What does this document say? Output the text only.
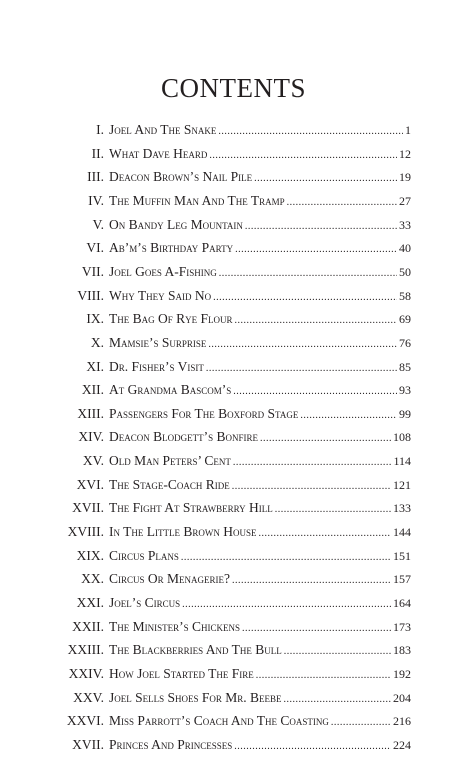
CONTENTS
I. Joel And The Snake .....	1
II. What Dave Heard .....	12
III. Deacon Brown’s Nail Pile .....	19
IV. The Muffin Man And The Tramp .....	27
V. On Bandy Leg Mountain .....	33
VI. Ab’m’s Birthday Party .....	40
VII. Joel Goes A-Fishing .....	50
VIII. Why They Said No .....	58
IX. The Bag Of Rye Flour .....	69
X. Mamsie’s Surprise .....	76
XI. Dr. Fisher’s Visit .....	85
XII. At Grandma Bascom’s .....	93
XIII. Passengers For The Boxford Stage .....	99
XIV. Deacon Blodgett’s Bonfire .....	108
XV. Old Man Peters’ Cent .....	114
XVI. The Stage-Coach Ride .....	121
XVII. The Fight At Strawberry Hill .....	133
XVIII. In The Little Brown House .....	144
XIX. Circus Plans .....	151
XX. Circus Or Menagerie? .....	157
XXI. Joel’s Circus .....	164
XXII. The Minister’s Chickens .....	173
XXIII. The Blackberries And The Bull .....	183
XXIV. How Joel Started The Fire .....	192
XXV. Joel Sells Shoes For Mr. Beebe .....	204
XXVI. Miss Parrott’s Coach And The Coasting .....	216
XVII. Princes And Princesses .....	224
